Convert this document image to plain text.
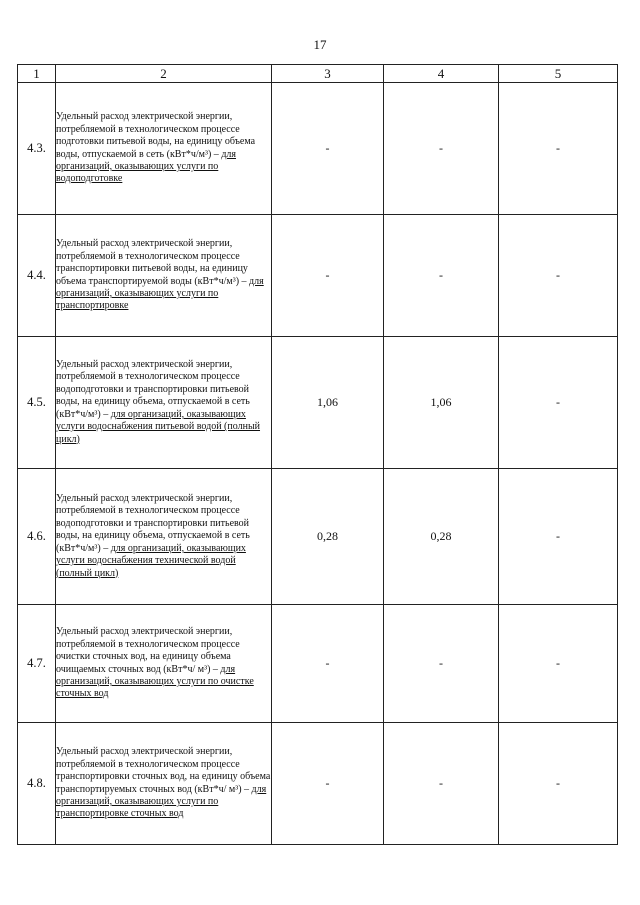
17
1	2	3	4	5
4.3.	Удельный расход электрической энергии, потребляемой в технологическом процессе подготовки питьевой воды, на единицу объема воды, отпускаемой в сеть (кВт*ч/м³) – для организаций, оказывающих услуги по водоподготовке	-	-	-
4.4.	Удельный расход электрической энергии, потребляемой в технологическом процессе транспортировки питьевой воды, на единицу объема транспортируемой воды (кВт*ч/м³) – для организаций, оказывающих услуги по транспортировке	-	-	-
4.5.	Удельный расход электрической энергии, потребляемой в технологическом процессе водоподготовки и транспортировки питьевой воды, на единицу объема, отпускаемой в сеть (кВт*ч/м³) – для организаций, оказывающих услуги водоснабжения питьевой водой (полный цикл)	1,06	1,06	-
4.6.	Удельный расход электрической энергии, потребляемой в технологическом процессе водоподготовки и транспортировки питьевой воды, на единицу объема, отпускаемой в сеть (кВт*ч/м³) – для организаций, оказывающих услуги водоснабжения технической водой (полный цикл)	0,28	0,28	-
4.7.	Удельный расход электрической энергии, потребляемой в технологическом процессе очистки сточных вод, на единицу объема очищаемых сточных вод (кВт*ч/ м³) – для организаций, оказывающих услуги по очистке сточных вод	-	-	-
4.8.	Удельный расход электрической энергии, потребляемой в технологическом процессе транспортировки сточных вод, на единицу объема транспортируемых сточных вод (кВт*ч/ м³) – для организаций, оказывающих услуги по транспортировке сточных вод	-	-	-
